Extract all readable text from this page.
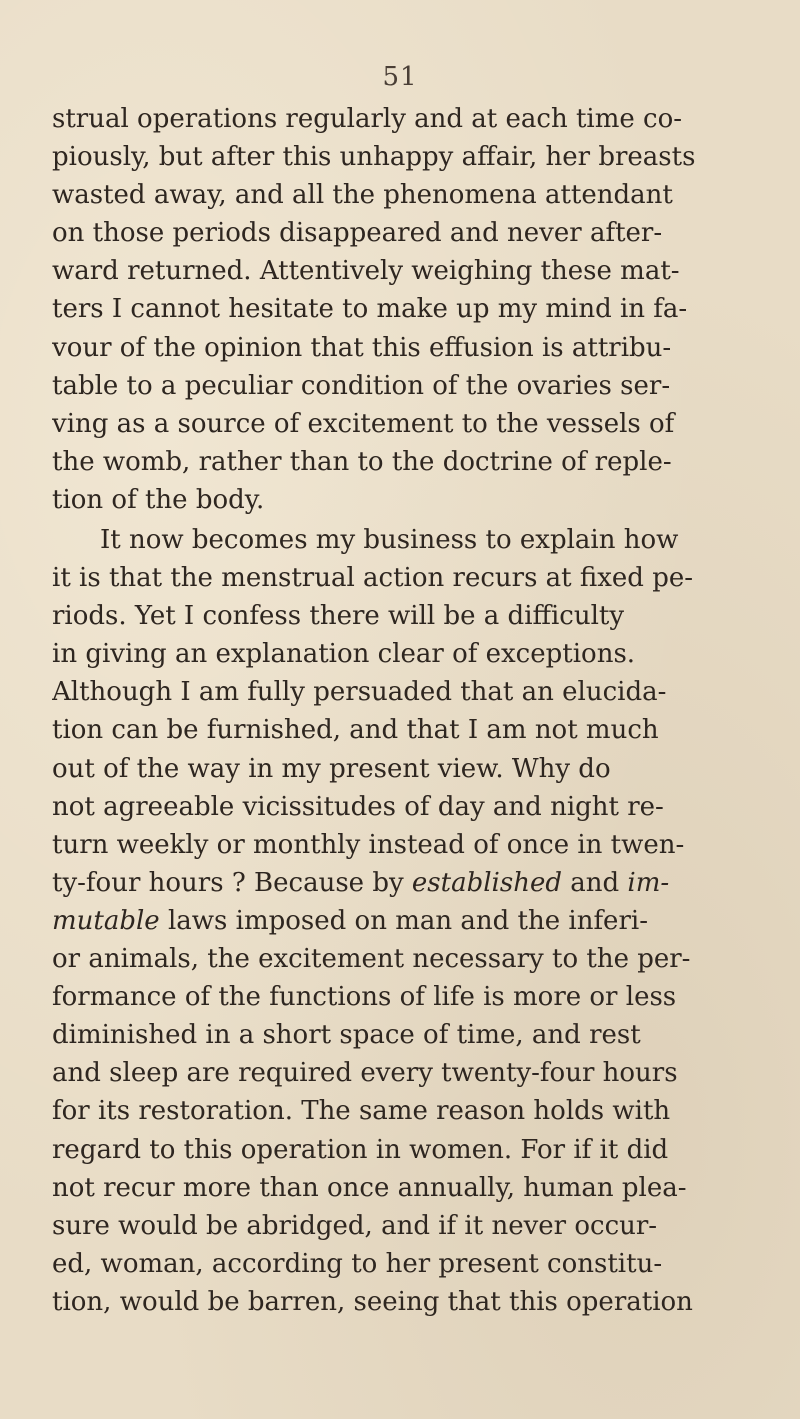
51
strual operations regularly and at each time co-
piously, but after this unhappy affair, her breasts
wasted away, and all the phenomena attendant
on those periods disappeared and never after-
ward returned. Attentively weighing these mat-
ters I cannot hesitate to make up my mind in fa-
vour of the opinion that this effusion is attribu-
table to a peculiar condition of the ovaries ser-
ving as a source of excitement to the vessels of
the womb, rather than to the doctrine of reple-
tion of the body.
It now becomes my business to explain how
it is that the menstrual action recurs at fixed pe-
riods. Yet I confess there will be a difficulty
in giving an explanation clear of exceptions.
Although I am fully persuaded that an elucida-
tion can be furnished, and that I am not much
out of the way in my present view. Why do
not agreeable vicissitudes of day and night re-
turn weekly or monthly instead of once in twen-
ty-four hours ? Because by established and im-
mutable laws imposed on man and the inferi-
or animals, the excitement necessary to the per-
formance of the functions of life is more or less
diminished in a short space of time, and rest
and sleep are required every twenty-four hours
for its restoration. The same reason holds with
regard to this operation in women. For if it did
not recur more than once annually, human plea-
sure would be abridged, and if it never occur-
ed, woman, according to her present constitu-
tion, would be barren, seeing that this operation
